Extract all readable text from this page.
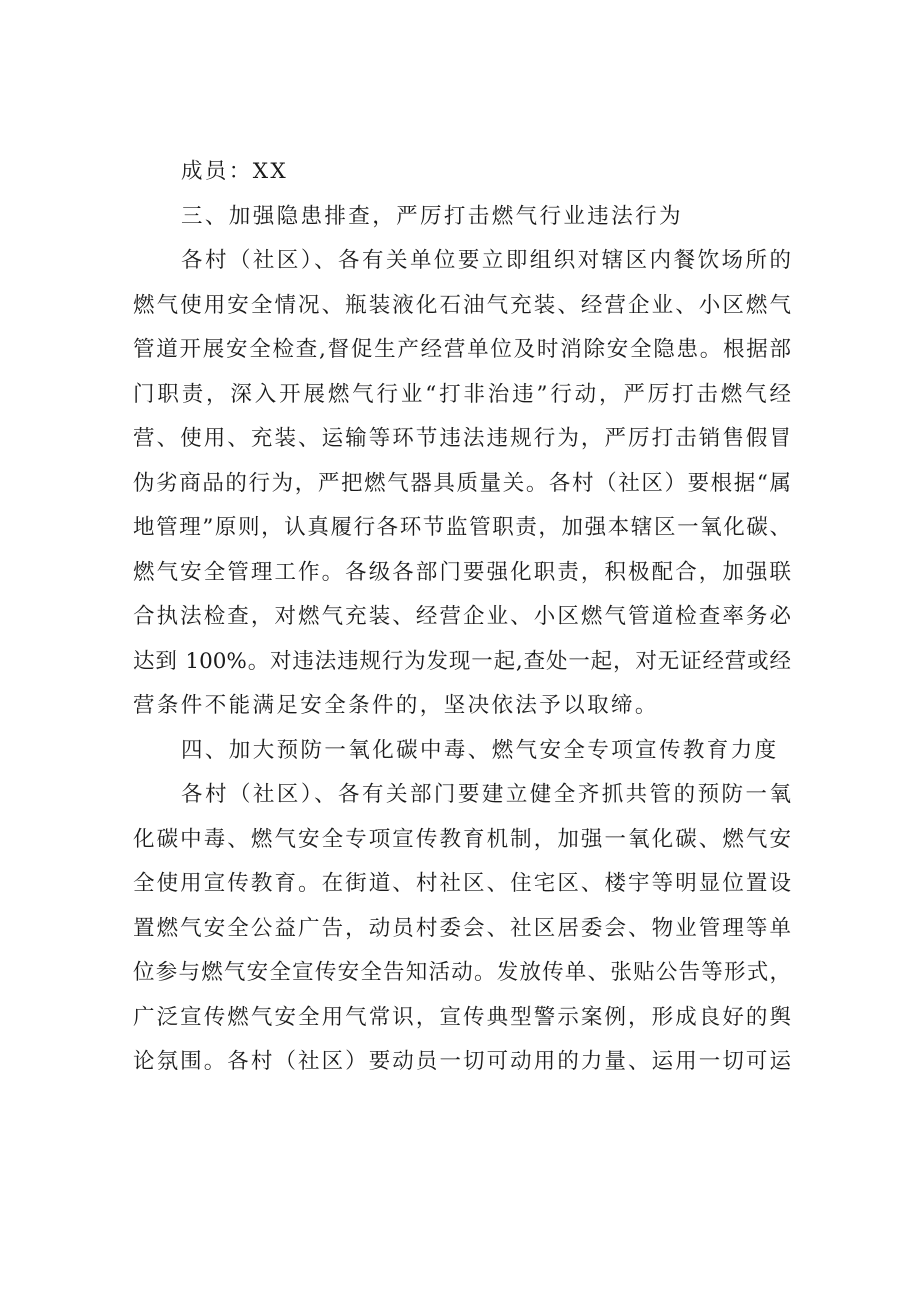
成员：XX
三、加强隐患排查，严厉打击燃气行业违法行为
各村（社区）、各有关单位要立即组织对辖区内餐饮场所的
燃气使用安全情况、瓶装液化石油气充装、经营企业、小区燃气
管道开展安全检查,督促生产经营单位及时消除安全隐患。根据部
门职责，深入开展燃气行业“打非治违”行动，严厉打击燃气经
营、使用、充装、运输等环节违法违规行为，严厉打击销售假冒
伪劣商品的行为，严把燃气器具质量关。各村（社区）要根据“属
地管理”原则，认真履行各环节监管职责，加强本辖区一氧化碳、
燃气安全管理工作。各级各部门要强化职责，积极配合，加强联
合执法检查，对燃气充装、经营企业、小区燃气管道检查率务必
达到 100%。对违法违规行为发现一起,查处一起，对无证经营或经
营条件不能满足安全条件的，坚决依法予以取缔。
四、加大预防一氧化碳中毒、燃气安全专项宣传教育力度
各村（社区）、各有关部门要建立健全齐抓共管的预防一氧
化碳中毒、燃气安全专项宣传教育机制，加强一氧化碳、燃气安
全使用宣传教育。在街道、村社区、住宅区、楼宇等明显位置设
置燃气安全公益广告，动员村委会、社区居委会、物业管理等单
位参与燃气安全宣传安全告知活动。发放传单、张贴公告等形式，
广泛宣传燃气安全用气常识，宣传典型警示案例，形成良好的舆
论氛围。各村（社区）要动员一切可动用的力量、运用一切可运
